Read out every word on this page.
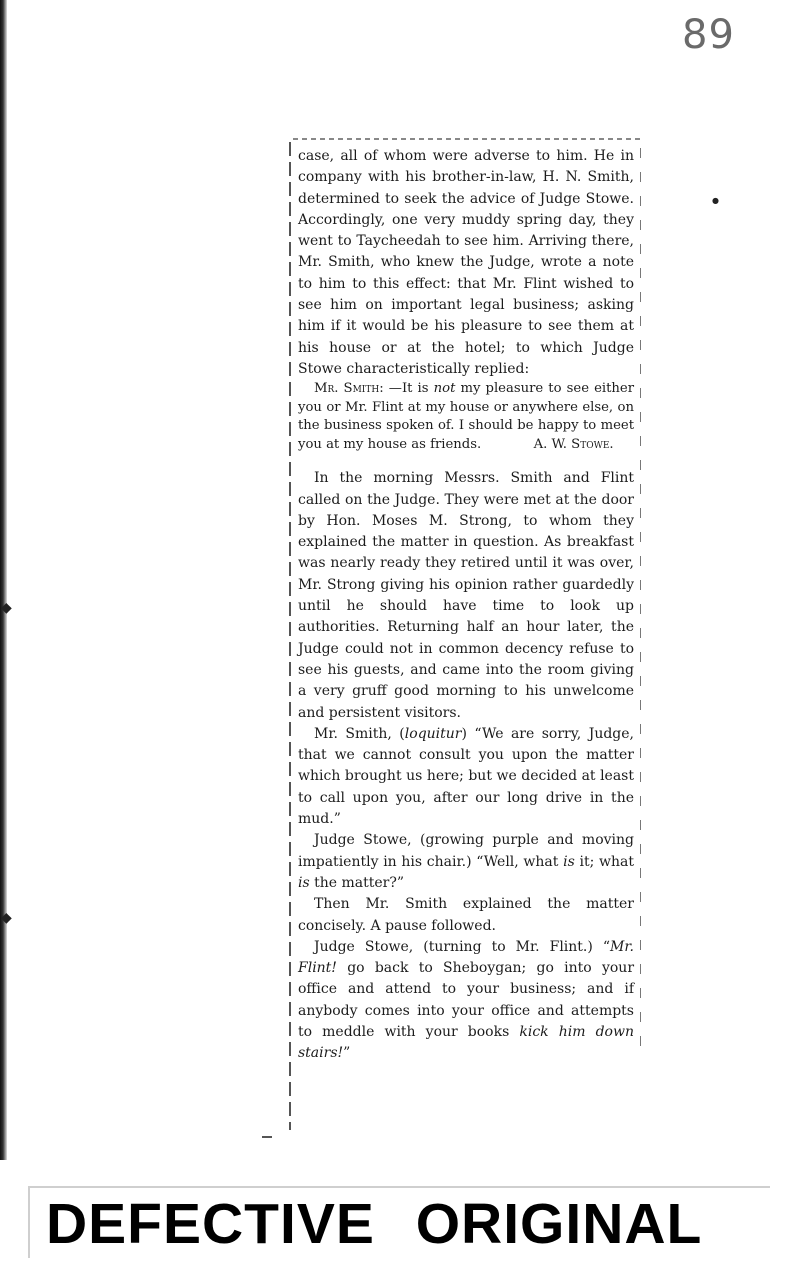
◆
◆
●
89

case, all of whom were adverse to him. He in company with his brother-in-law, H. N. Smith, determined to seek the advice of Judge Stowe. Accordingly, one very muddy spring day, they went to Taycheedah to see him. Arriving there, Mr. Smith, who knew the Judge, wrote a note to him to this effect: that Mr. Flint wished to see him on important legal business; asking him if it would be his pleasure to see them at his house or at the hotel; to which Judge Stowe characteristically replied:

Mr. Smith: —It is not my pleasure to see either you or Mr. Flint at my house or anywhere else, on the business spoken of. I should be happy to meet you at my house as friends.	A. W. Stowe.

In the morning Messrs. Smith and Flint called on the Judge. They were met at the door by Hon. Moses M. Strong, to whom they explained the matter in question. As breakfast was nearly ready they retired until it was over, Mr. Strong giving his opinion rather guardedly until he should have time to look up authorities. Returning half an hour later, the Judge could not in common decency refuse to see his guests, and came into the room giving a very gruff good morning to his unwelcome and persistent visitors.

Mr. Smith, (loquitur) “We are sorry, Judge, that we cannot consult you upon the matter which brought us here; but we decided at least to call upon you, after our long drive in the mud.”

Judge Stowe, (growing purple and moving impatiently in his chair.) “Well, what is it; what is the matter?”

Then Mr. Smith explained the matter concisely. A pause followed.

Judge Stowe, (turning to Mr. Flint.) “Mr. Flint! go back to Sheboygan; go into your office and attend to your business; and if anybody comes into your office and attempts to meddle with your books kick him down stairs!”

DEFECTIVE ORIGINAL
